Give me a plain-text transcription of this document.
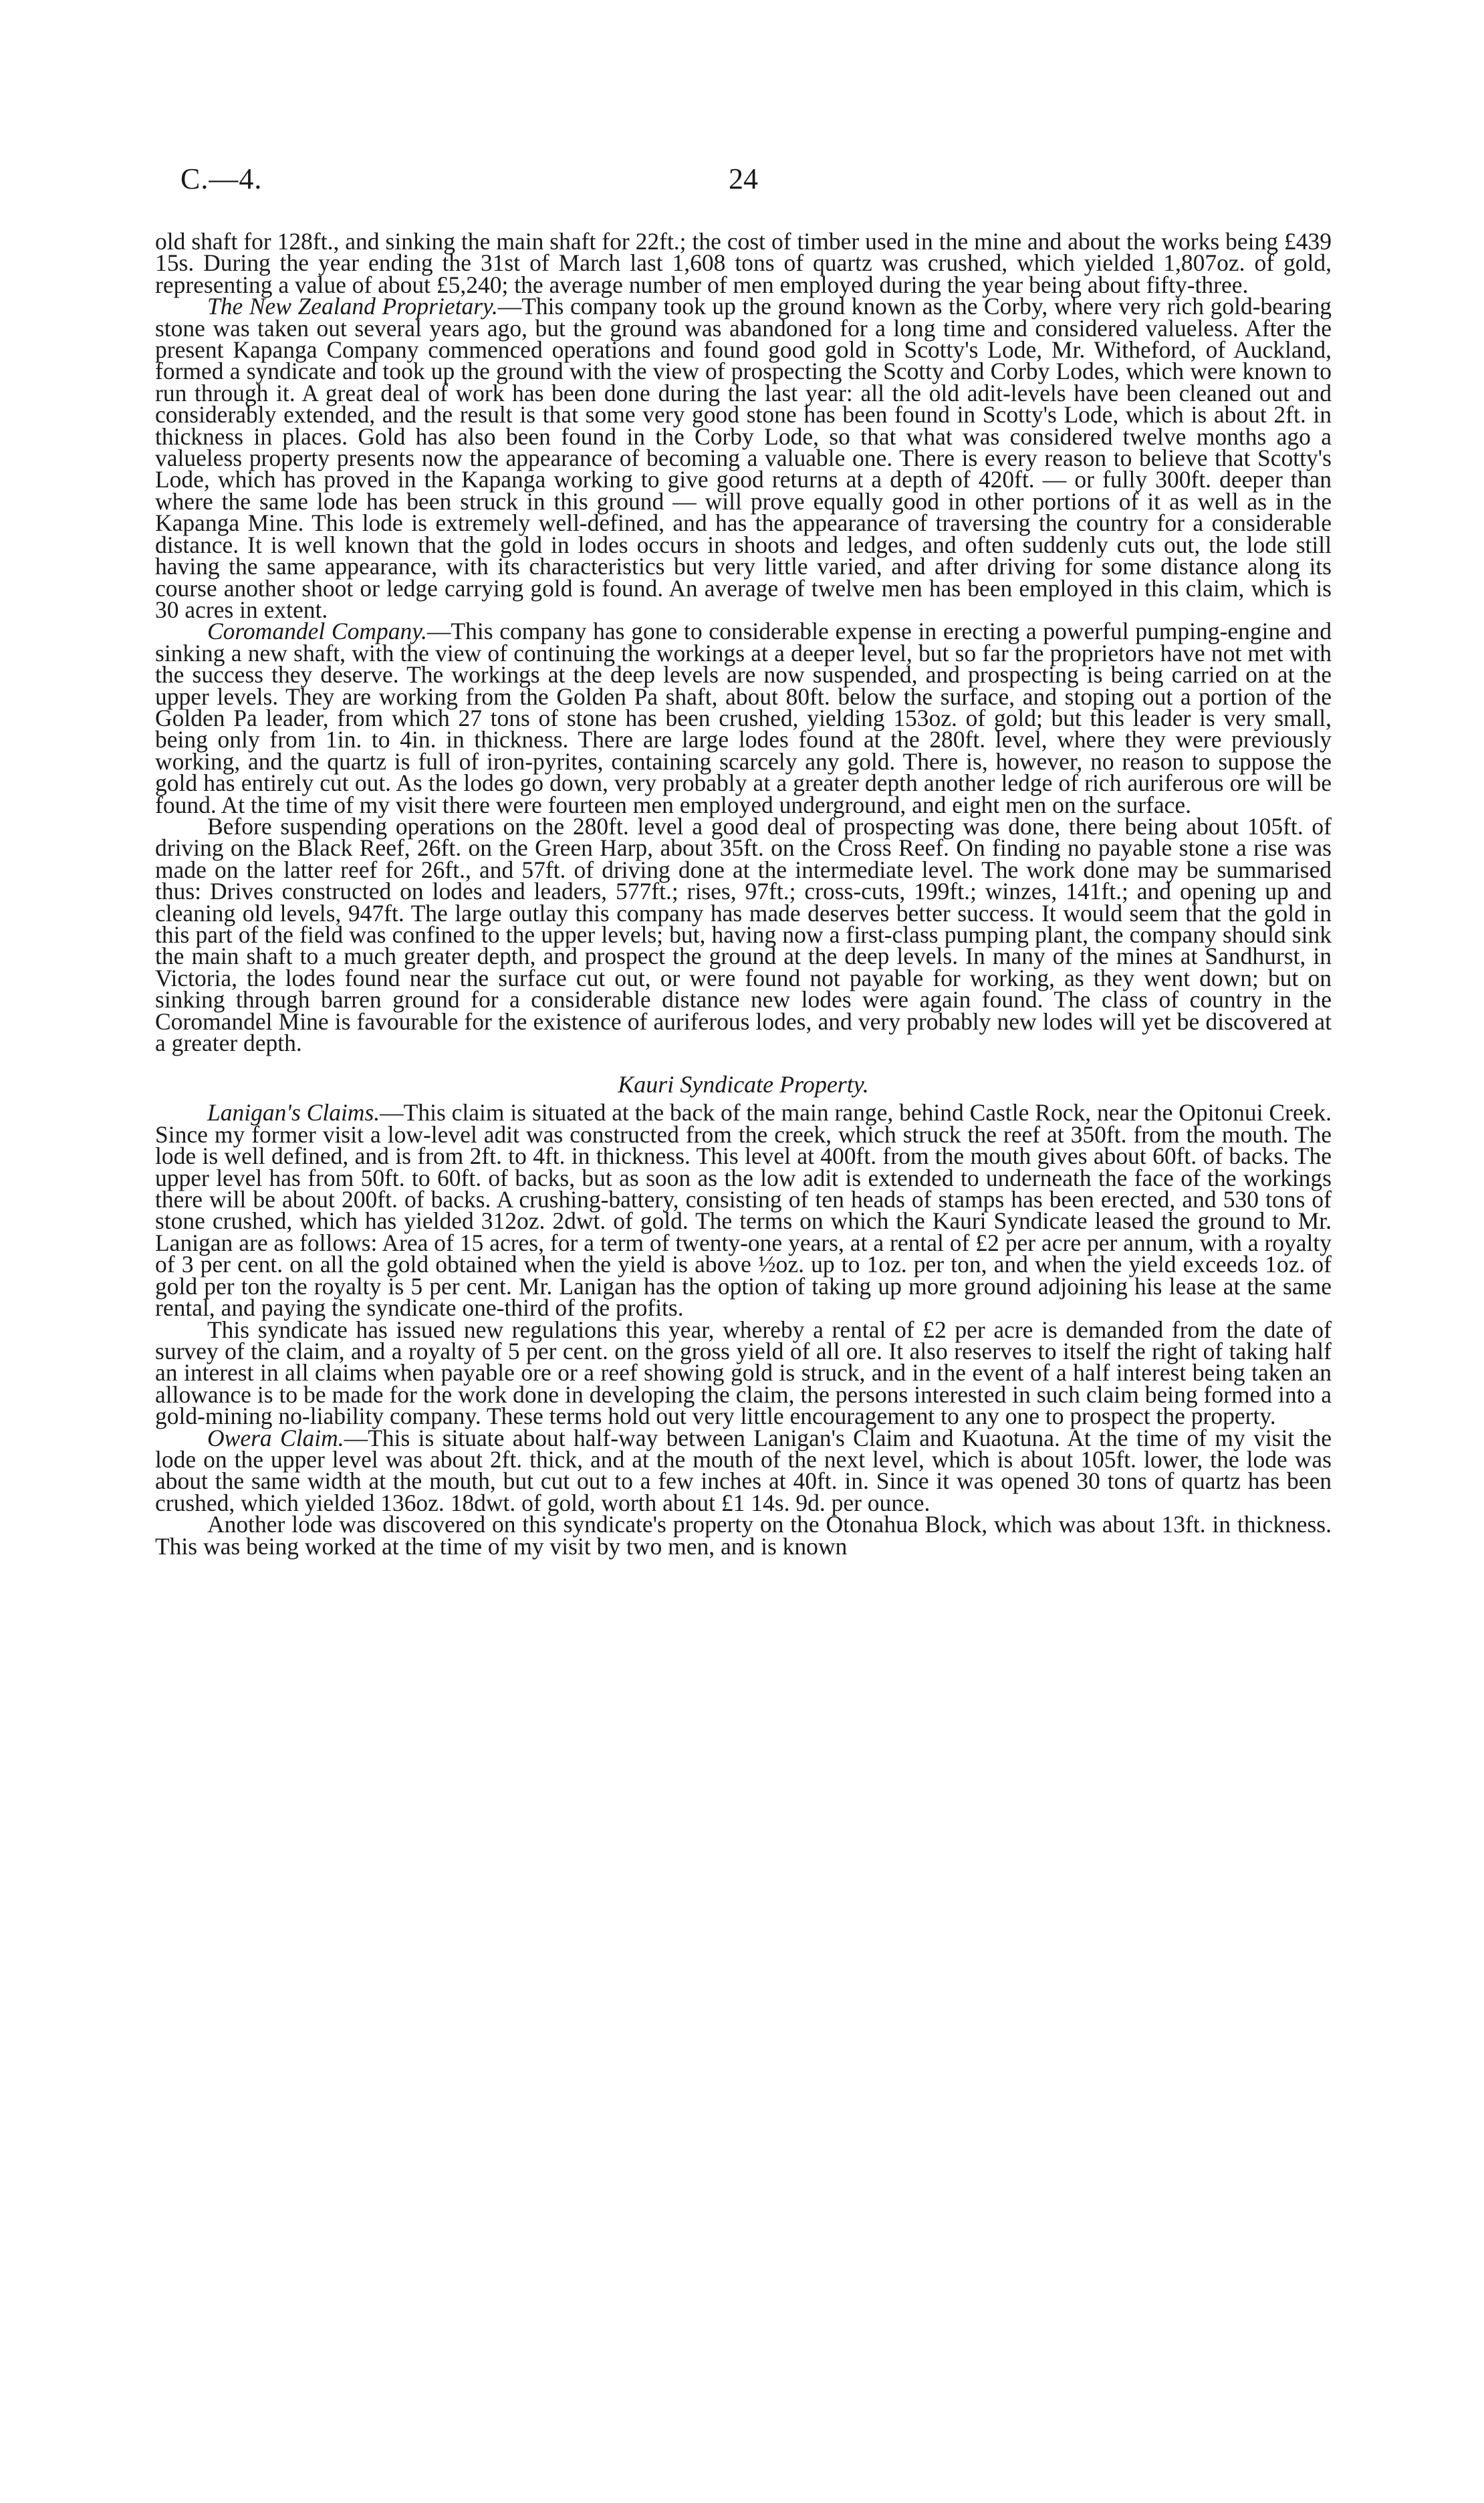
C.—4.	24

old shaft for 128ft., and sinking the main shaft for 22ft.; the cost of timber used in the mine and about the works being £439 15s. During the year ending the 31st of March last 1,608 tons of quartz was crushed, which yielded 1,807oz. of gold, representing a value of about £5,240; the average number of men employed during the year being about fifty-three.

The New Zealand Proprietary.—This company took up the ground known as the Corby, where very rich gold-bearing stone was taken out several years ago, but the ground was abandoned for a long time and considered valueless. After the present Kapanga Company commenced operations and found good gold in Scotty's Lode, Mr. Witheford, of Auckland, formed a syndicate and took up the ground with the view of prospecting the Scotty and Corby Lodes, which were known to run through it. A great deal of work has been done during the last year: all the old adit-levels have been cleaned out and considerably extended, and the result is that some very good stone has been found in Scotty's Lode, which is about 2ft. in thickness in places. Gold has also been found in the Corby Lode, so that what was considered twelve months ago a valueless property presents now the appearance of becoming a valuable one. There is every reason to believe that Scotty's Lode, which has proved in the Kapanga working to give good returns at a depth of 420ft. — or fully 300ft. deeper than where the same lode has been struck in this ground — will prove equally good in other portions of it as well as in the Kapanga Mine. This lode is extremely well-defined, and has the appearance of traversing the country for a considerable distance. It is well known that the gold in lodes occurs in shoots and ledges, and often suddenly cuts out, the lode still having the same appearance, with its characteristics but very little varied, and after driving for some distance along its course another shoot or ledge carrying gold is found. An average of twelve men has been employed in this claim, which is 30 acres in extent.

Coromandel Company.—This company has gone to considerable expense in erecting a powerful pumping-engine and sinking a new shaft, with the view of continuing the workings at a deeper level, but so far the proprietors have not met with the success they deserve. The workings at the deep levels are now suspended, and prospecting is being carried on at the upper levels. They are working from the Golden Pa shaft, about 80ft. below the surface, and stoping out a portion of the Golden Pa leader, from which 27 tons of stone has been crushed, yielding 153oz. of gold; but this leader is very small, being only from 1in. to 4in. in thickness. There are large lodes found at the 280ft. level, where they were previously working, and the quartz is full of iron-pyrites, containing scarcely any gold. There is, however, no reason to suppose the gold has entirely cut out. As the lodes go down, very probably at a greater depth another ledge of rich auriferous ore will be found. At the time of my visit there were fourteen men employed underground, and eight men on the surface.

Before suspending operations on the 280ft. level a good deal of prospecting was done, there being about 105ft. of driving on the Black Reef, 26ft. on the Green Harp, about 35ft. on the Cross Reef. On finding no payable stone a rise was made on the latter reef for 26ft., and 57ft. of driving done at the intermediate level. The work done may be summarised thus: Drives constructed on lodes and leaders, 577ft.; rises, 97ft.; cross-cuts, 199ft.; winzes, 141ft.; and opening up and cleaning old levels, 947ft. The large outlay this company has made deserves better success. It would seem that the gold in this part of the field was confined to the upper levels; but, having now a first-class pumping plant, the company should sink the main shaft to a much greater depth, and prospect the ground at the deep levels. In many of the mines at Sandhurst, in Victoria, the lodes found near the surface cut out, or were found not payable for working, as they went down; but on sinking through barren ground for a considerable distance new lodes were again found. The class of country in the Coromandel Mine is favourable for the existence of auriferous lodes, and very probably new lodes will yet be discovered at a greater depth.

Kauri Syndicate Property.

Lanigan's Claims.—This claim is situated at the back of the main range, behind Castle Rock, near the Opitonui Creek. Since my former visit a low-level adit was constructed from the creek, which struck the reef at 350ft. from the mouth. The lode is well defined, and is from 2ft. to 4ft. in thickness. This level at 400ft. from the mouth gives about 60ft. of backs. The upper level has from 50ft. to 60ft. of backs, but as soon as the low adit is extended to underneath the face of the workings there will be about 200ft. of backs. A crushing-battery, consisting of ten heads of stamps has been erected, and 530 tons of stone crushed, which has yielded 312oz. 2dwt. of gold. The terms on which the Kauri Syndicate leased the ground to Mr. Lanigan are as follows: Area of 15 acres, for a term of twenty-one years, at a rental of £2 per acre per annum, with a royalty of 3 per cent. on all the gold obtained when the yield is above ½oz. up to 1oz. per ton, and when the yield exceeds 1oz. of gold per ton the royalty is 5 per cent. Mr. Lanigan has the option of taking up more ground adjoining his lease at the same rental, and paying the syndicate one-third of the profits.

This syndicate has issued new regulations this year, whereby a rental of £2 per acre is demanded from the date of survey of the claim, and a royalty of 5 per cent. on the gross yield of all ore. It also reserves to itself the right of taking half an interest in all claims when payable ore or a reef showing gold is struck, and in the event of a half interest being taken an allowance is to be made for the work done in developing the claim, the persons interested in such claim being formed into a gold-mining no-liability company. These terms hold out very little encouragement to any one to prospect the property.

Owera Claim.—This is situate about half-way between Lanigan's Claim and Kuaotuna. At the time of my visit the lode on the upper level was about 2ft. thick, and at the mouth of the next level, which is about 105ft. lower, the lode was about the same width at the mouth, but cut out to a few inches at 40ft. in. Since it was opened 30 tons of quartz has been crushed, which yielded 136oz. 18dwt. of gold, worth about £1 14s. 9d. per ounce.

Another lode was discovered on this syndicate's property on the Otonahua Block, which was about 13ft. in thickness. This was being worked at the time of my visit by two men, and is known
